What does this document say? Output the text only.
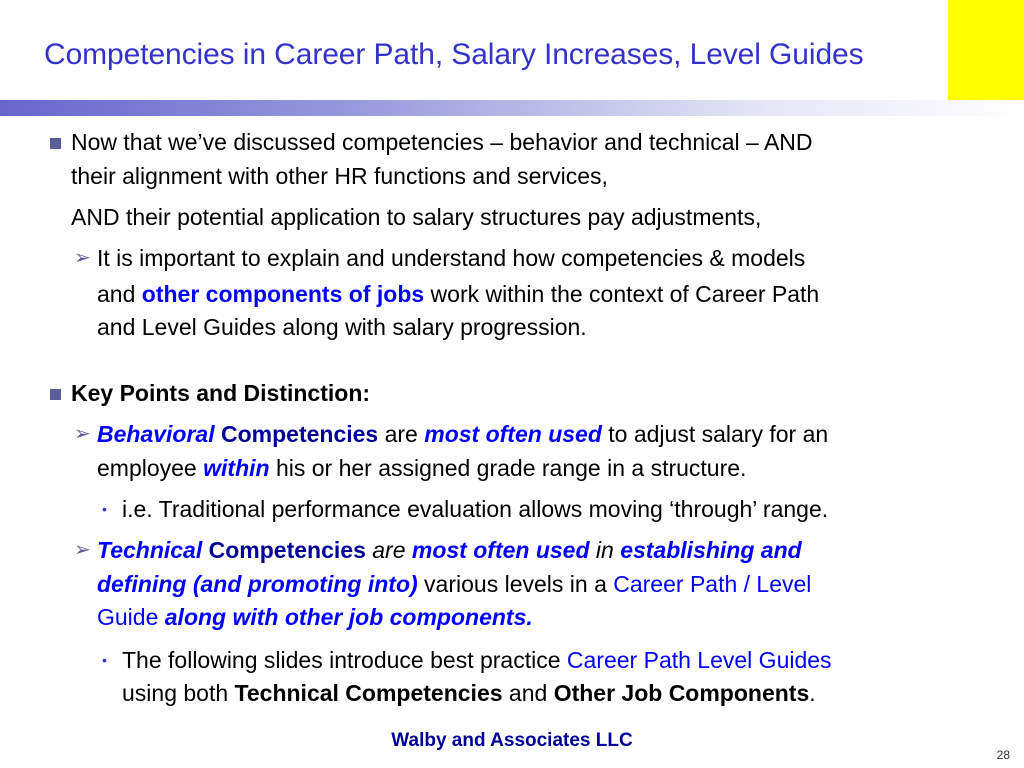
Competencies in Career Path, Salary Increases, Level Guides
Now that we’ve discussed competencies – behavior and technical – AND
their alignment with other HR functions and services,
AND their potential application to salary structures pay adjustments,
➢ It is important to explain and understand how competencies & models
and other components of jobs work within the context of Career Path
and Level Guides along with salary progression.
Key Points and Distinction:
➢ Behavioral Competencies are most often used to adjust salary for an
employee within his or her assigned grade range in a structure.
• i.e. Traditional performance evaluation allows moving ‘through’ range.
➢ Technical Competencies are most often used in establishing and
defining (and promoting into) various levels in a Career Path / Level
Guide along with other job components.
• The following slides introduce best practice Career Path Level Guides
using both Technical Competencies and Other Job Components.
Walby and Associates LLC
28
